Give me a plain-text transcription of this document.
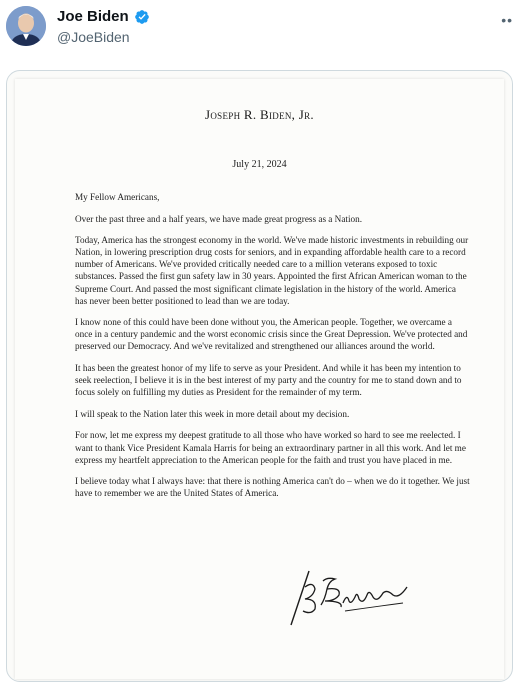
Joe Biden
@JoeBiden
••
Joseph R. Biden, Jr.
July 21, 2024

My Fellow Americans,

Over the past three and a half years, we have made great progress as a Nation.

Today, America has the strongest economy in the world. We've made historic investments in rebuilding our Nation, in lowering prescription drug costs for seniors, and in expanding affordable health care to a record number of Americans. We've provided critically needed care to a million veterans exposed to toxic substances. Passed the first gun safety law in 30 years. Appointed the first African American woman to the Supreme Court. And passed the most significant climate legislation in the history of the world. America has never been better positioned to lead than we are today.

I know none of this could have been done without you, the American people. Together, we overcame a once in a century pandemic and the worst economic crisis since the Great Depression. We've protected and preserved our Democracy. And we've revitalized and strengthened our alliances around the world.

It has been the greatest honor of my life to serve as your President. And while it has been my intention to seek reelection, I believe it is in the best interest of my party and the country for me to stand down and to focus solely on fulfilling my duties as President for the remainder of my term.

I will speak to the Nation later this week in more detail about my decision.

For now, let me express my deepest gratitude to all those who have worked so hard to see me reelected. I want to thank Vice President Kamala Harris for being an extraordinary partner in all this work. And let me express my heartfelt appreciation to the American people for the faith and trust you have placed in me.

I believe today what I always have: that there is nothing America can't do – when we do it together. We just have to remember we are the United States of America.
